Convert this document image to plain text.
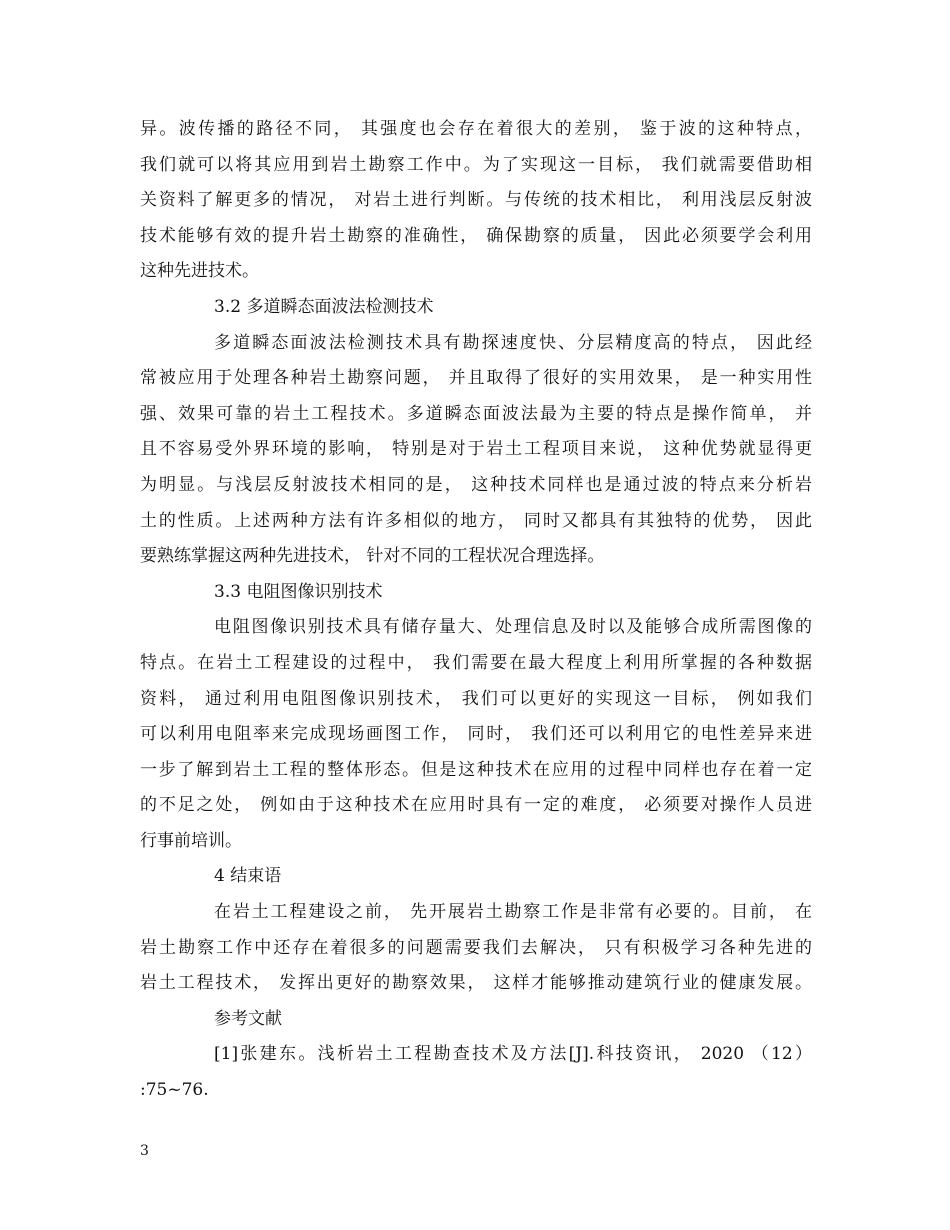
异。波传播的路径不同， 其强度也会存在着很大的差别， 鉴于波的这种特点，
我们就可以将其应用到岩土勘察工作中。为了实现这一目标， 我们就需要借助相
关资料了解更多的情况， 对岩土进行判断。与传统的技术相比， 利用浅层反射波
技术能够有效的提升岩土勘察的准确性， 确保勘察的质量， 因此必须要学会利用
这种先进技术。
3.2 多道瞬态面波法检测技术
多道瞬态面波法检测技术具有勘探速度快、分层精度高的特点， 因此经
常被应用于处理各种岩土勘察问题， 并且取得了很好的实用效果， 是一种实用性
强、效果可靠的岩土工程技术。多道瞬态面波法最为主要的特点是操作简单， 并
且不容易受外界环境的影响， 特别是对于岩土工程项目来说， 这种优势就显得更
为明显。与浅层反射波技术相同的是， 这种技术同样也是通过波的特点来分析岩
土的性质。上述两种方法有许多相似的地方， 同时又都具有其独特的优势， 因此
要熟练掌握这两种先进技术， 针对不同的工程状况合理选择。
3.3 电阻图像识别技术
电阻图像识别技术具有储存量大、处理信息及时以及能够合成所需图像的
特点。在岩土工程建设的过程中， 我们需要在最大程度上利用所掌握的各种数据
资料， 通过利用电阻图像识别技术， 我们可以更好的实现这一目标， 例如我们
可以利用电阻率来完成现场画图工作， 同时， 我们还可以利用它的电性差异来进
一步了解到岩土工程的整体形态。但是这种技术在应用的过程中同样也存在着一定
的不足之处， 例如由于这种技术在应用时具有一定的难度， 必须要对操作人员进
行事前培训。
4 结束语
在岩土工程建设之前， 先开展岩土勘察工作是非常有必要的。目前， 在
岩土勘察工作中还存在着很多的问题需要我们去解决， 只有积极学习各种先进的
岩土工程技术， 发挥出更好的勘察效果， 这样才能够推动建筑行业的健康发展。
参考文献
[1]张建东。浅析岩土工程勘查技术及方法[J].科技资讯， 2020 （12）
:75~76.
3
